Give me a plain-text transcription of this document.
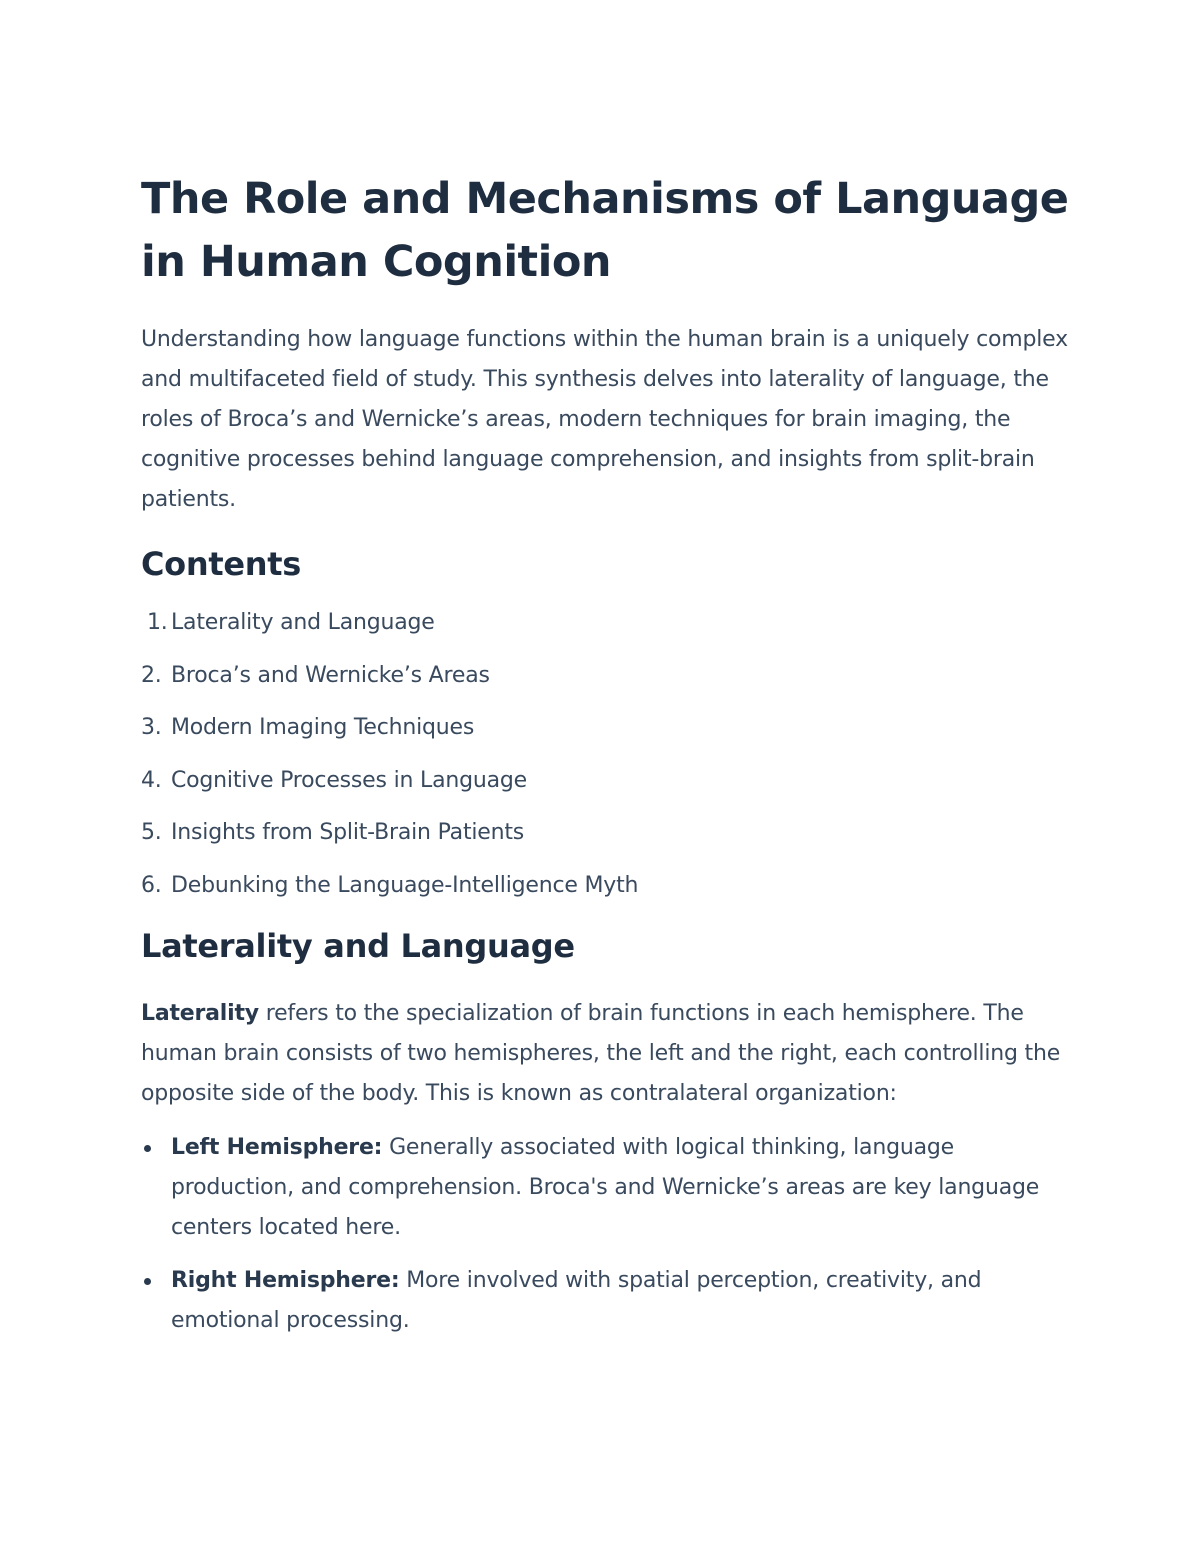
The Role and Mechanisms of Language in Human Cognition

Understanding how language functions within the human brain is a uniquely complex and multifaceted field of study. This synthesis delves into laterality of language, the roles of Broca’s and Wernicke’s areas, modern techniques for brain imaging, the cognitive processes behind language comprehension, and insights from split-brain patients.

Contents
1. Laterality and Language
2. Broca’s and Wernicke’s Areas
3. Modern Imaging Techniques
4. Cognitive Processes in Language
5. Insights from Split-Brain Patients
6. Debunking the Language-Intelligence Myth
Laterality and Language

Laterality refers to the specialization of brain functions in each hemisphere. The human brain consists of two hemispheres, the left and the right, each controlling the opposite side of the body. This is known as contralateral organization:

Left Hemisphere: Generally associated with logical thinking, language production, and comprehension. Broca's and Wernicke’s areas are key language centers located here.
Right Hemisphere: More involved with spatial perception, creativity, and emotional processing.
